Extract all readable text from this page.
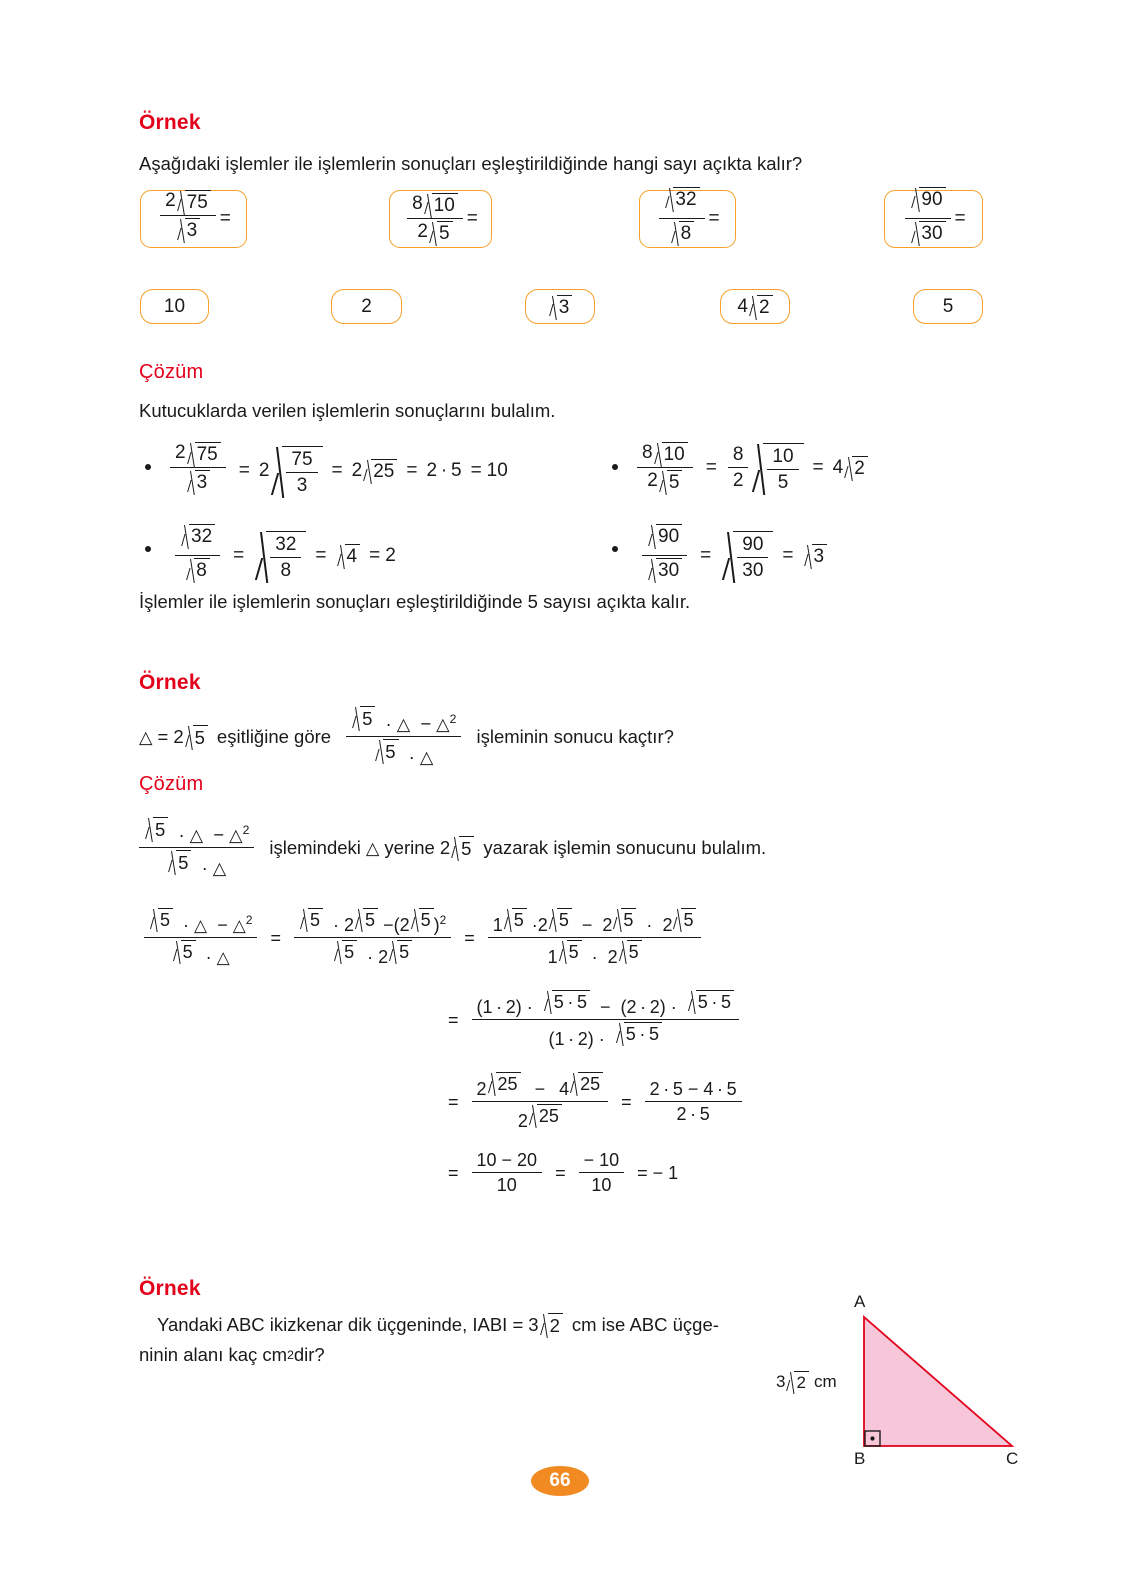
Örnek
Aşağıdaki işlemler ile işlemlerin sonuçları eşleştirildiğinde hangi sayı açıkta kalır?
$\frac{2 75}{3}$ =	$\frac{8 10}{2 5}$ =	$\frac{32}{8}$ =	$\frac{90}{30}$ =
10	2	3	4 2	5
Çözüm
Kutucuklarda verilen işlemlerin sonuçlarını bulalım.
$\frac{2 75}{3} = 2 \frac{75}{3} = 2$ 25 = 2 · 5 = 10	$\frac{8 10}{2 5} = \frac{8}{2} \frac{10}{5} = 4$ 2
$\frac{32}{8} = \frac{32}{8} = 4 = 2$	$\frac{90}{30} = \frac{90}{30} = 3$
İşlemler ile işlemlerin sonuçları eşleştirildiğinde 5 sayısı açıkta kalır.
Örnek
△ = 2 5 eşitliğine göre $\frac{5 \cdot \triangle - \triangle^2}{5 \cdot \triangle}$ işleminin sonucu kaçtır?
Çözüm
$\frac{5 \cdot \triangle - \triangle^2}{5 \cdot \triangle}$ işlemindeki △ yerine 2 5 yazarak işlemin sonucunu bulalım.
$\frac{5 \cdot \triangle - \triangle^2}{5 \cdot \triangle} = \frac{5 \cdot 2 5 -(2 5 )^2}{5 \cdot 2 5}$ =
1 5 ·2 5 − 2 5 · 2 5
1 5 · 2 5
=
(1 · 2) · 5 · 5 − (2 · 2) · 5 · 5
(1 · 2) · 5 · 5
= $\frac{2 25 - 4 25}{2 25} = \frac{2 \cdot 5 - 4 \cdot 5}{2 \cdot 5}$
= $\frac{10 - 20}{10} = \frac{- 10}{10}$ = − 1
Örnek
Yandaki ABC ikizkenar dik üçgeninde, IABI = 3 2 cm ise ABC üçge-

ninin alanı kaç cm 2 dir?
A
B	C
3 2 cm
66
